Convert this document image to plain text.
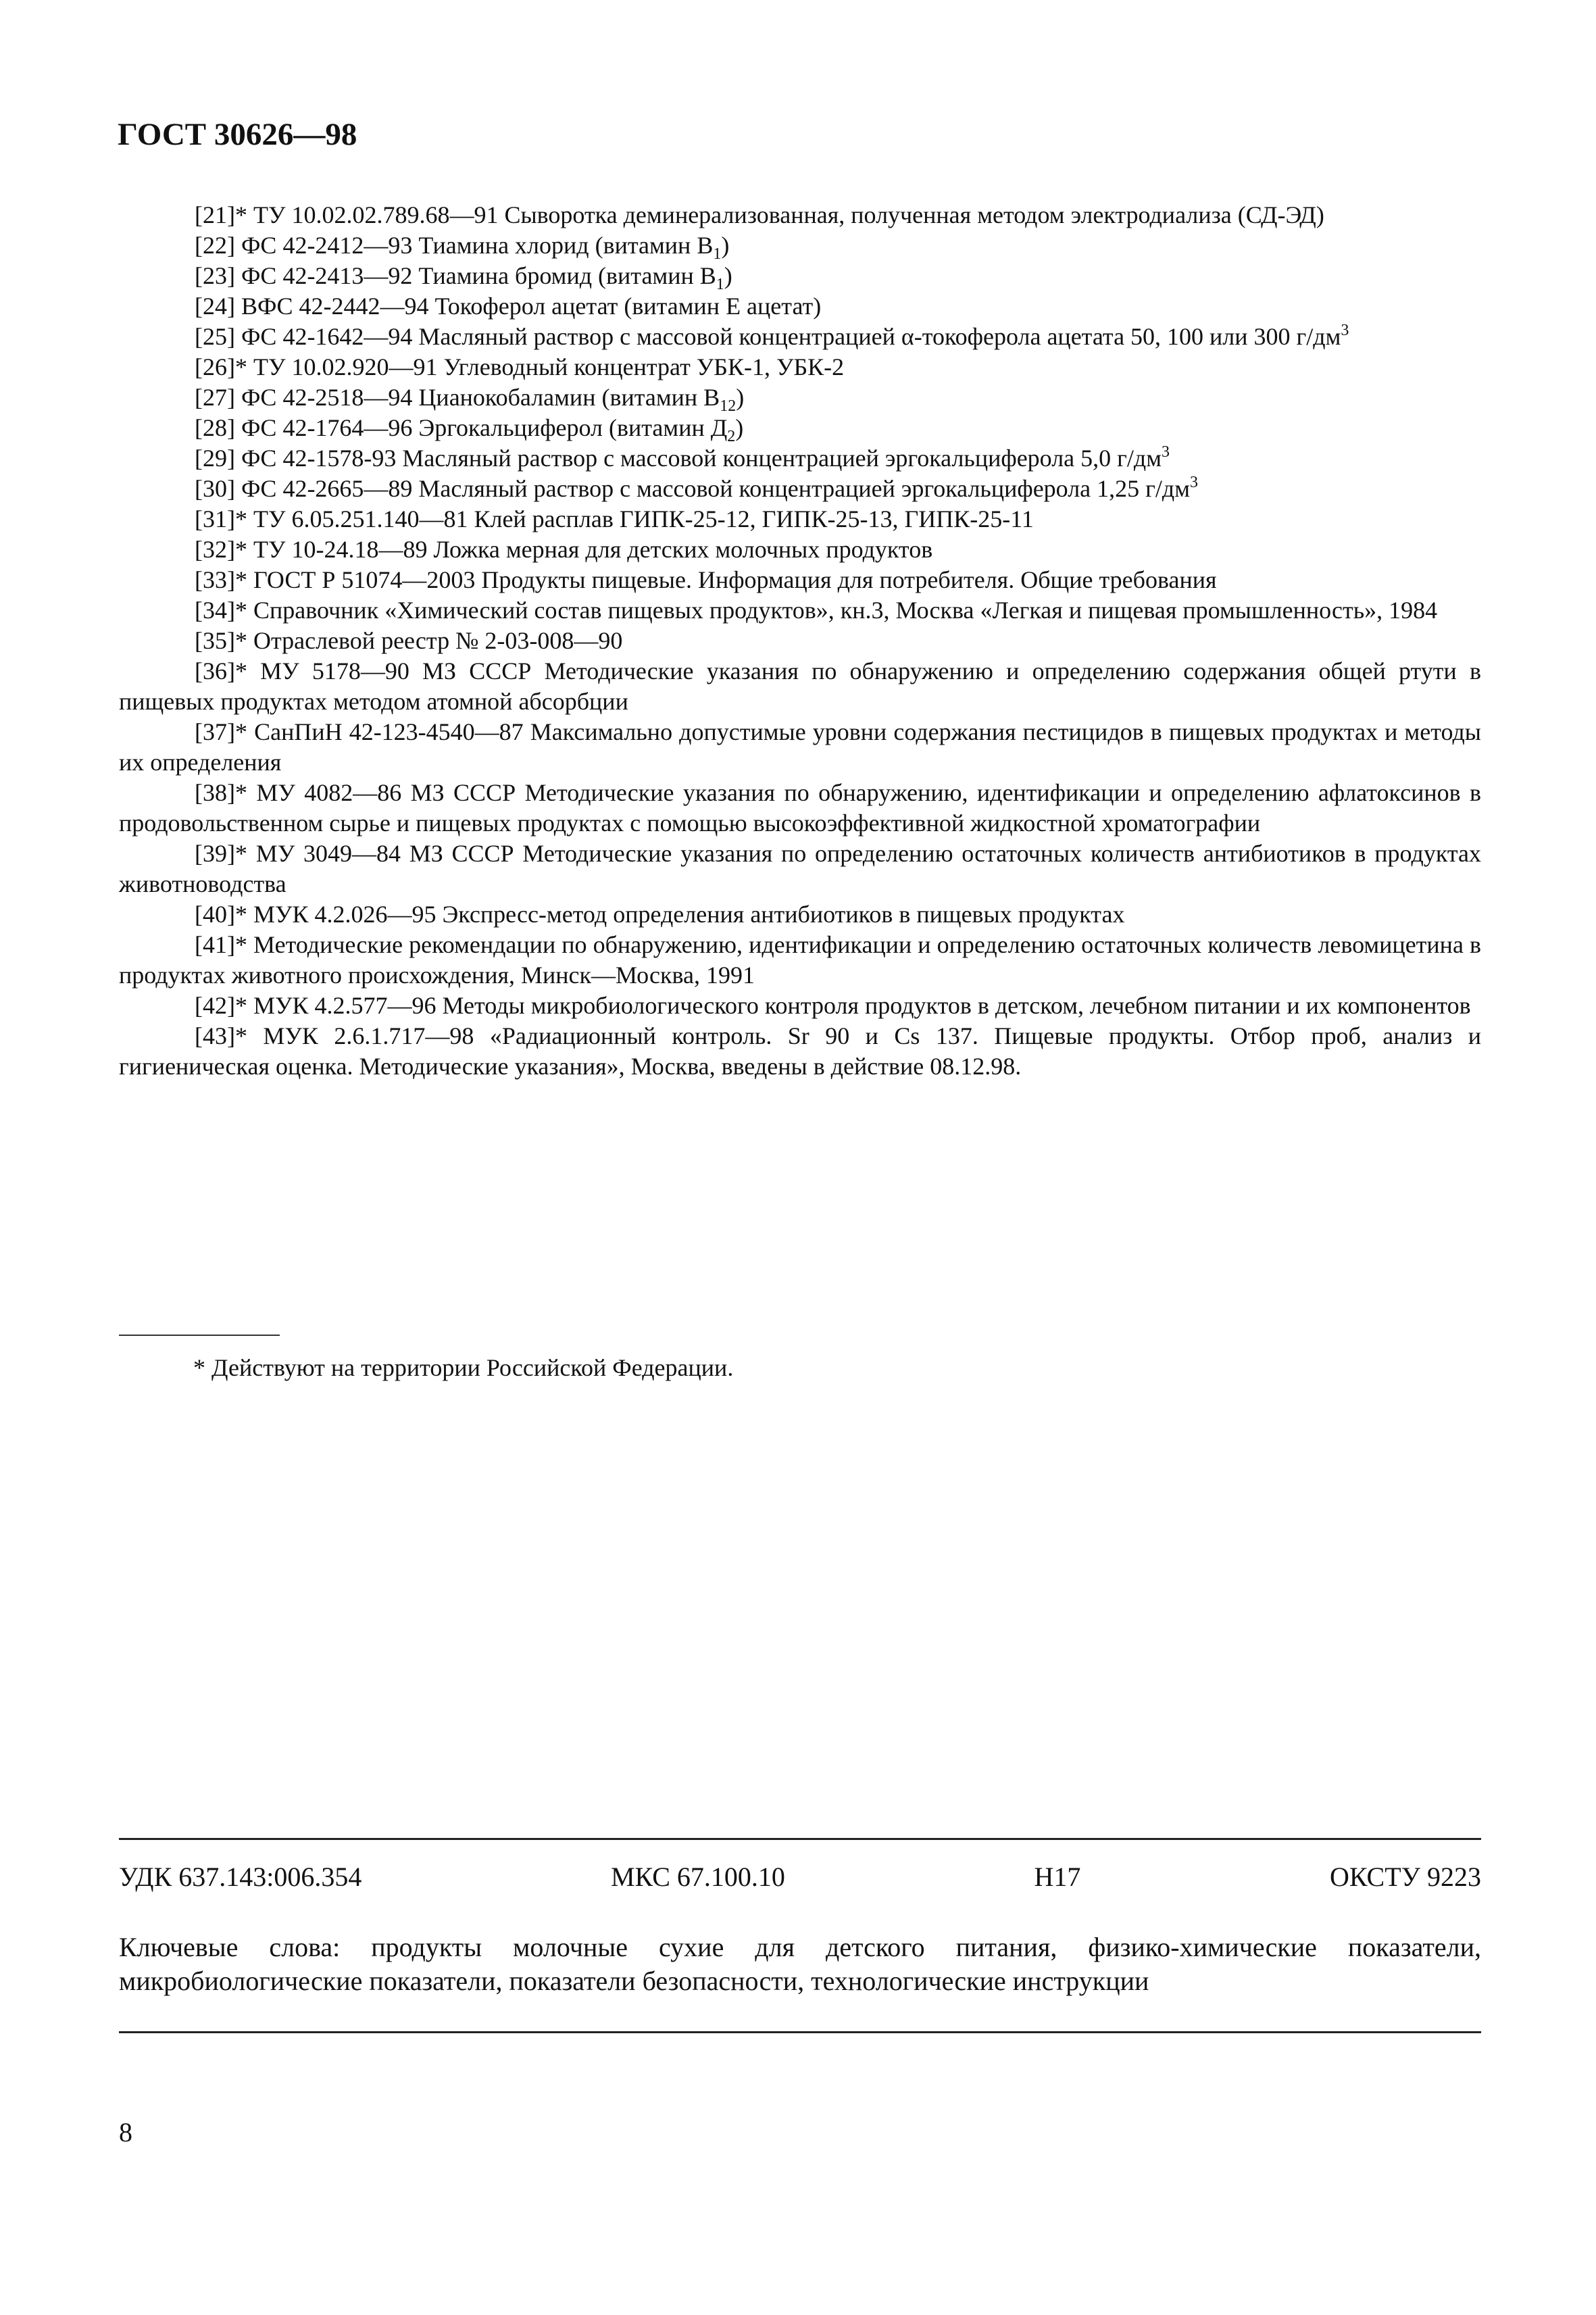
ГОСТ 30626—98
[21]* ТУ 10.02.02.789.68—91 Сыворотка деминерализованная, полученная методом электродиализа (СД-ЭД)
[22] ФС 42-2412—93 Тиамина хлорид (витамин $B_1$)
[23] ФС 42-2413—92 Тиамина бромид (витамин $B_1$)
[24] ВФС 42-2442—94 Токоферол ацетат (витамин Е ацетат)
[25] ФС 42-1642—94 Масляный раствор с массовой концентрацией α-токоферола ацетата 50, 100 или 300 $г/дм^3$
[26]* ТУ 10.02.920—91 Углеводный концентрат УБК-1, УБК-2
[27] ФС 42-2518—94 Цианокобаламин (витамин $B_{12}$)
[28] ФС 42-1764—96 Эргокальциферол (витамин $Д_2$)
[29] ФС 42-1578-93 Масляный раствор с массовой концентрацией эргокальциферола 5,0 $г/дм^3$
[30] ФС 42-2665—89 Масляный раствор с массовой концентрацией эргокальциферола 1,25 $г/дм^3$
[31]* ТУ 6.05.251.140—81 Клей расплав ГИПК-25-12, ГИПК-25-13, ГИПК-25-11
[32]* ТУ 10-24.18—89 Ложка мерная для детских молочных продуктов
[33]* ГОСТ Р 51074—2003 Продукты пищевые. Информация для потребителя. Общие требования
[34]* Справочник «Химический состав пищевых продуктов», кн.3, Москва «Легкая и пищевая промышленность», 1984
[35]* Отраслевой реестр № 2-03-008—90
[36]* МУ 5178—90 МЗ СССР Методические указания по обнаружению и определению содержания общей ртути в пищевых продуктах методом атомной абсорбции
[37]* СанПиН 42-123-4540—87 Максимально допустимые уровни содержания пестицидов в пищевых продуктах и методы их определения
[38]* МУ 4082—86 МЗ СССР Методические указания по обнаружению, идентификации и определению афлатоксинов в продовольственном сырье и пищевых продуктах с помощью высокоэффективной жидкостной хроматографии
[39]* МУ 3049—84 МЗ СССР Методические указания по определению остаточных количеств антибиотиков в продуктах животноводства
[40]* МУК 4.2.026—95 Экспресс-метод определения антибиотиков в пищевых продуктах
[41]* Методические рекомендации по обнаружению, идентификации и определению остаточных количеств левомицетина в продуктах животного происхождения, Минск—Москва, 1991
[42]* МУК 4.2.577—96 Методы микробиологического контроля продуктов в детском, лечебном питании и их компонентов
[43]* МУК 2.6.1.717—98 «Радиационный контроль. Sr 90 и Cs 137. Пищевые продукты. Отбор проб, анализ и гигиеническая оценка. Методические указания», Москва, введены в действие 08.12.98.
* Действуют на территории Российской Федерации.
УДК 637.143:006.354	МКС 67.100.10	Н17	ОКСТУ 9223
Ключевые слова: продукты молочные сухие для детского питания, физико-химические показатели, микробиологические показатели, показатели безопасности, технологические инструкции
8
